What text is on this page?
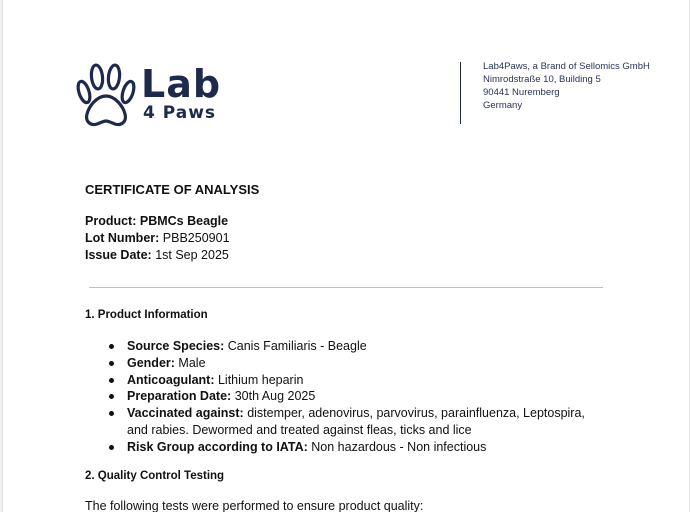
Lab
4 Paws
Lab4Paws, a Brand of Sellomics GmbH
Nimrodstraße 10, Building 5
90441 Nuremberg
Germany
CERTIFICATE OF ANALYSIS
Product: PBMCs Beagle
Lot Number: PBB250901
Issue Date: 1st Sep 2025
1. Product Information
Source Species: Canis Familiaris - Beagle
Gender: Male
Anticoagulant: Lithium heparin
Preparation Date: 30th Aug 2025
Vaccinated against: distemper, adenovirus, parvovirus, parainfluenza, Leptospira, and rabies. Dewormed and treated against fleas, ticks and lice
Risk Group according to IATA: Non hazardous - Non infectious
2. Quality Control Testing
The following tests were performed to ensure product quality:
